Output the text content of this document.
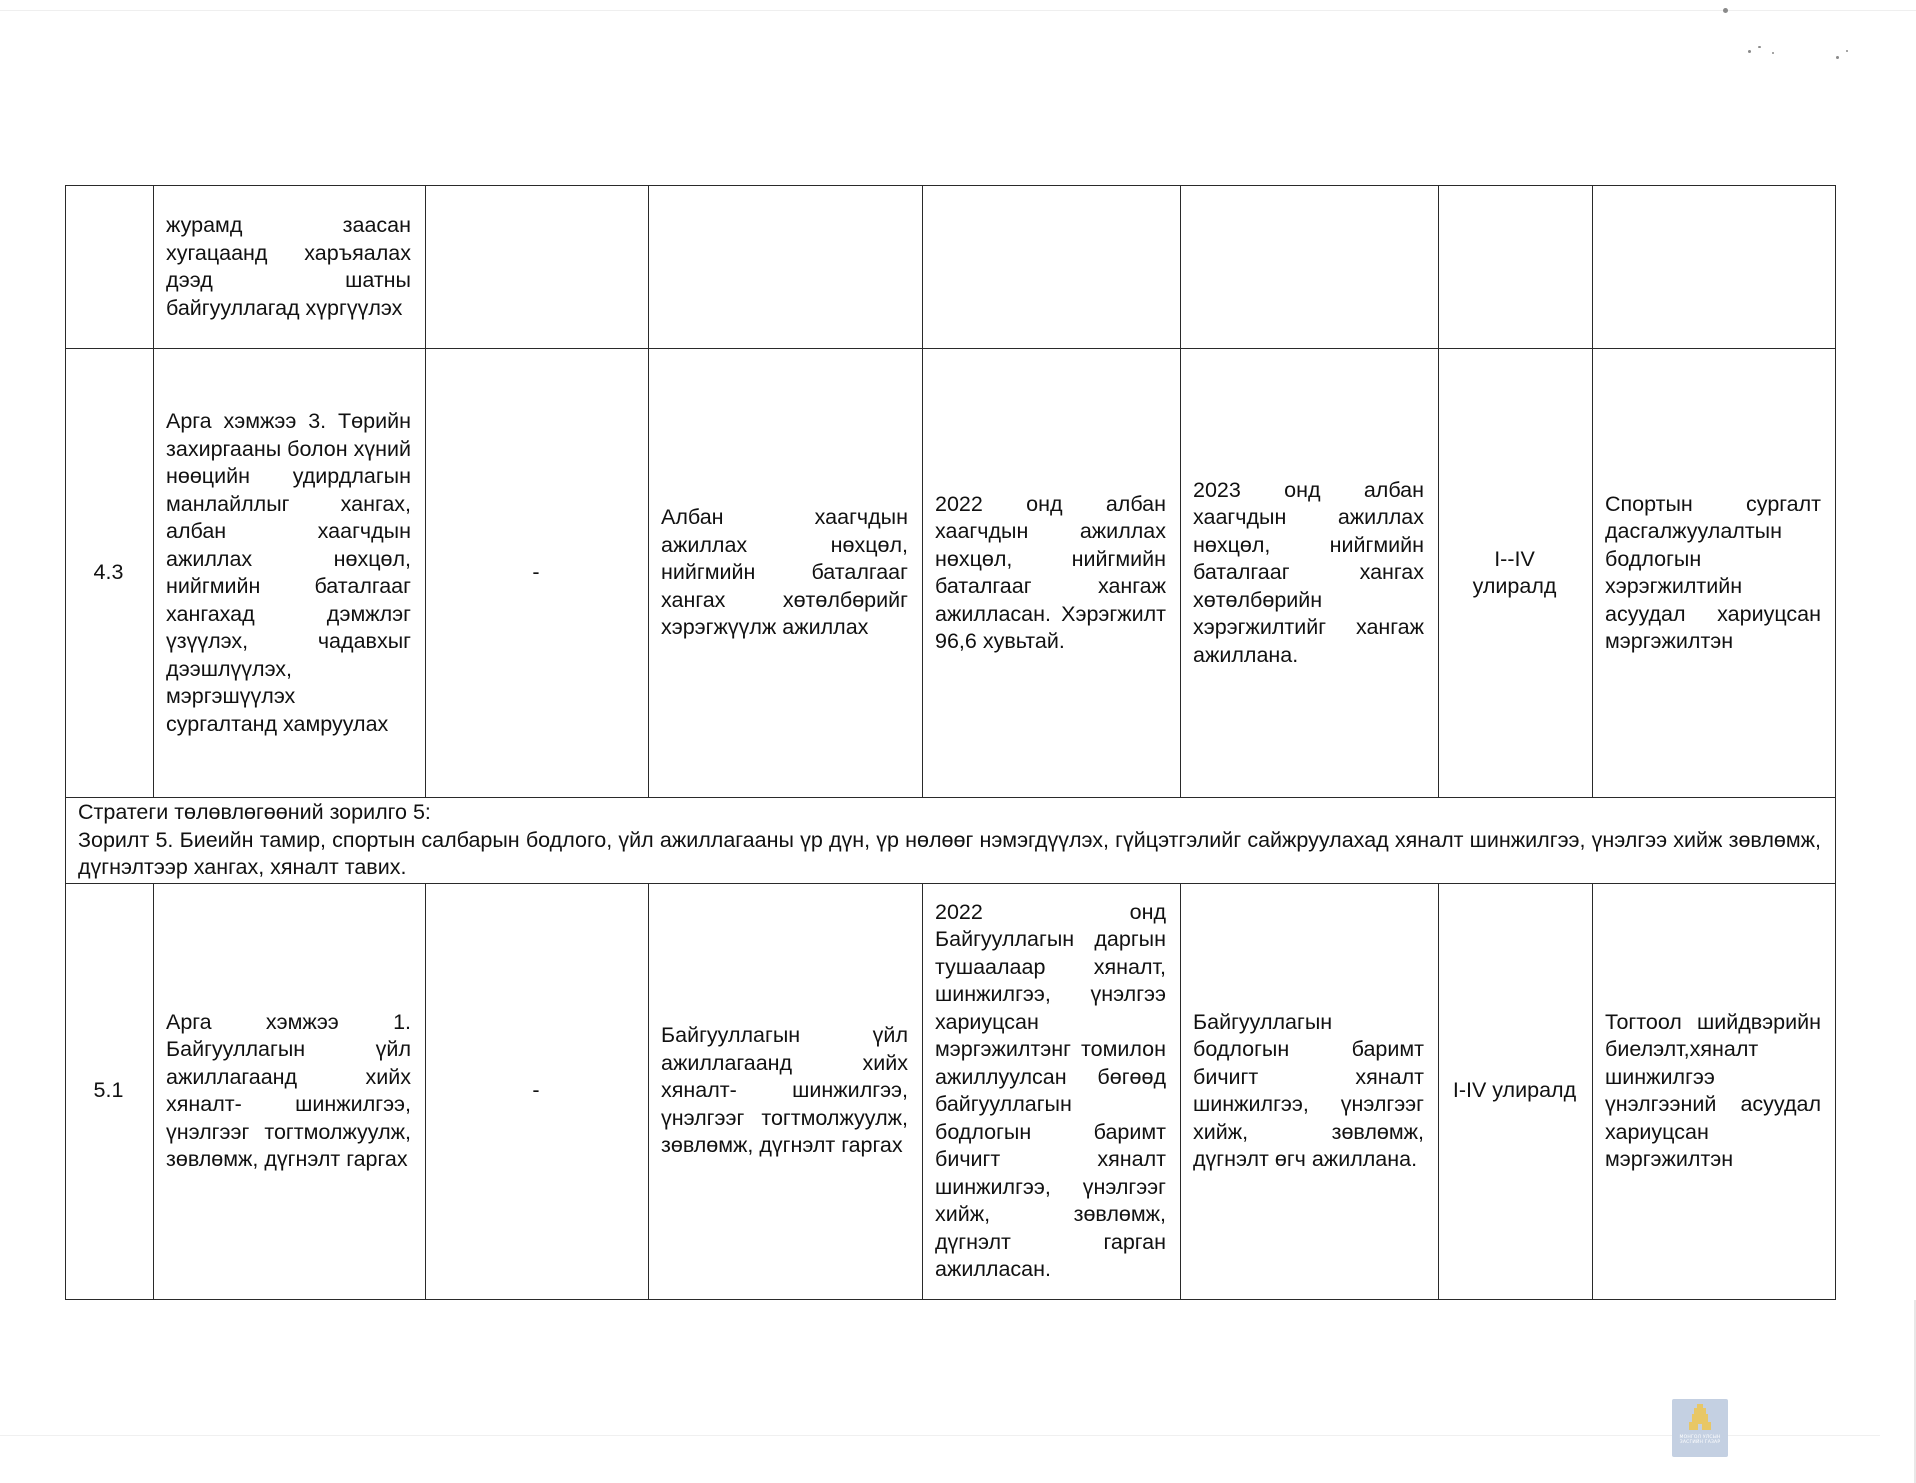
	журамд заасан хугацаанд харъяалах дээд шатны байгууллагад хүргүүлэх						
4.3	Арга хэмжээ 3. Төрийн захиргааны болон хүний нөөцийн удирдлагын манлайллыг хангах, албан хаагчдын ажиллах нөхцөл, нийгмийн баталгааг хангахад дэмжлэг үзүүлэх, чадавхыг дээшлүүлэх, мэргэшүүлэх сургалтанд хамруулах	-	Албан хаагчдын ажиллах нөхцөл, нийгмийн баталгааг хангах хөтөлбөрийг хэрэгжүүлж ажиллах	2022 онд албан хаагчдын ажиллах нөхцөл, нийгмийн баталгааг хангаж ажилласан. Хэрэгжилт 96,6 хувьтай.	2023 онд албан хаагчдын ажиллах нөхцөл, нийгмийн баталгааг хангах хөтөлбөрийн хэрэгжилтийг хангаж ажиллана.	I--IV улиралд	Спортын сургалт дасгалжуулалтын бодлогын хэрэгжилтийн асуудал хариуцсан мэргэжилтэн

Стратеги төлөвлөгөөний зорилго 5:
Зорилт 5. Биеийн тамир, спортын салбарын бодлого, үйл ажиллагааны үр дүн, үр нөлөөг нэмэгдүүлэх, гүйцэтгэлийг сайжруулахад хяналт шинжилгээ, үнэлгээ хийж зөвлөмж, дүгнэлтээр хангах, хяналт тавих.							

5.1	Арга хэмжээ 1. Байгууллагын үйл ажиллагаанд хийх хяналт- шинжилгээ, үнэлгээг тогтмолжуулж, зөвлөмж, дүгнэлт гаргах	-	Байгууллагын үйл ажиллагаанд хийх хяналт- шинжилгээ, үнэлгээг тогтмолжуулж, зөвлөмж, дүгнэлт гаргах	2022 онд Байгууллагын даргын тушаалаар хяналт, шинжилгээ, үнэлгээ хариуцсан мэргэжилтэнг томилон ажиллуулсан бөгөөд байгууллагын бодлогын баримт бичигт хяналт шинжилгээ, үнэлгээг хийж, зөвлөмж, дүгнэлт гарган ажилласан.	Байгууллагын бодлогын баримт бичигт хяналт шинжилгээ, үнэлгээг хийж, зөвлөмж, дүгнэлт өгч ажиллана.	I-IV улиралд	Тогтоол шийдвэрийн биелэлт,хяналт шинжилгээ үнэлгээний асуудал хариуцсан мэргэжилтэн
МОНГОЛ УЛСЫН ЗАСГИЙН ГАЗАР
